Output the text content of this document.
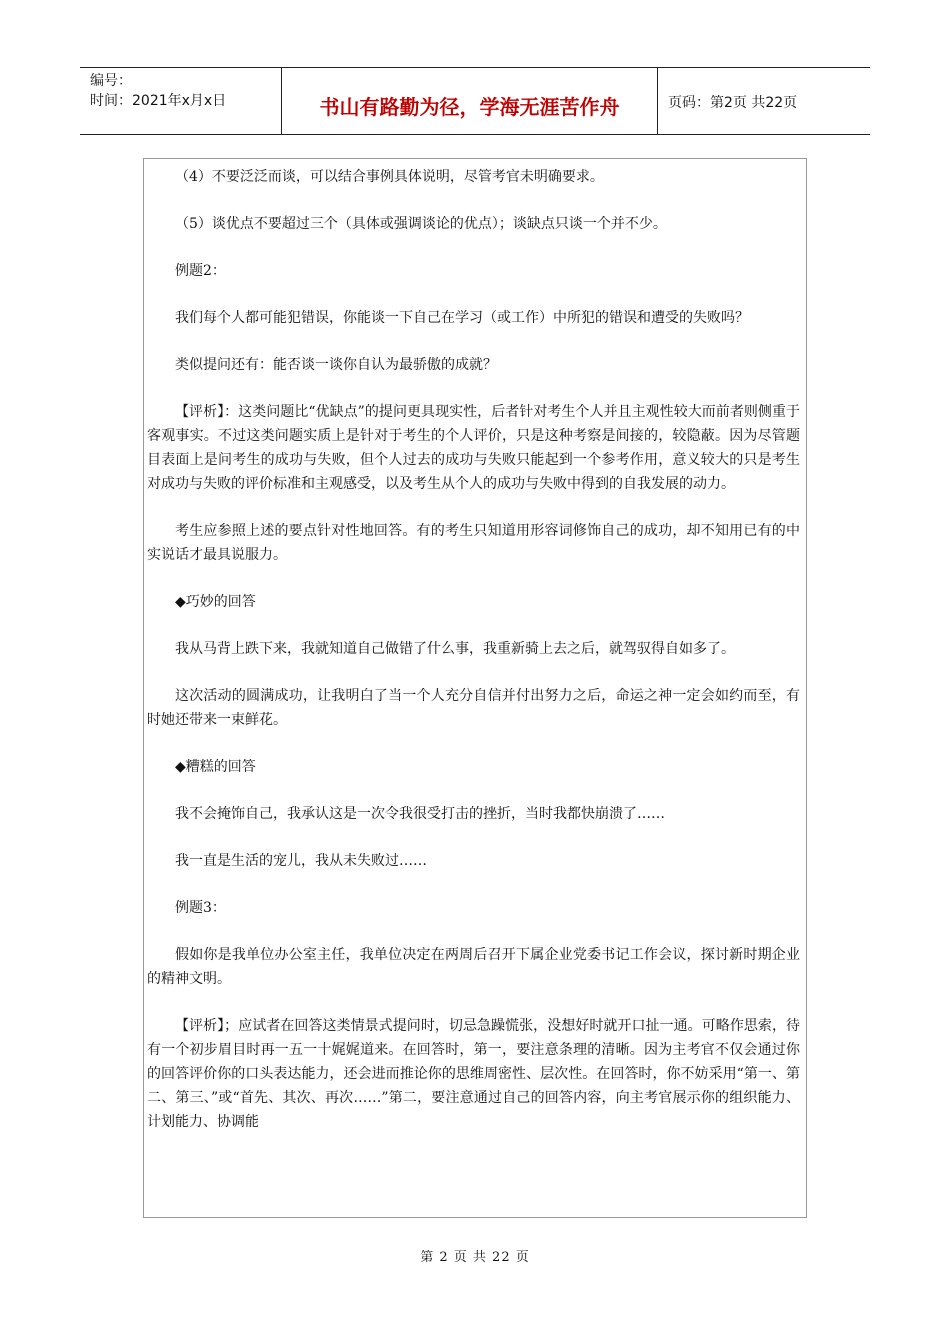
编号：
时间：2021年x月x日	书山有路勤为径，学海无涯苦作舟	页码：第2页 共22页

（4）不要泛泛而谈，可以结合事例具体说明，尽管考官未明确要求。

（5）谈优点不要超过三个（具体或强调谈论的优点）；谈缺点只谈一个并不少。

例题2：

我们每个人都可能犯错误，你能谈一下自己在学习（或工作）中所犯的错误和遭受的失败吗？

类似提问还有：能否谈一谈你自认为最骄傲的成就？

【评析】：这类问题比“优缺点”的提问更具现实性，后者针对考生个人并且主观性较大而前者则侧重于客观事实。不过这类问题实质上是针对于考生的个人评价，只是这种考察是间接的，较隐蔽。因为尽管题目表面上是问考生的成功与失败，但个人过去的成功与失败只能起到一个参考作用，意义较大的只是考生对成功与失败的评价标准和主观感受，以及考生从个人的成功与失败中得到的自我发展的动力。

考生应参照上述的要点针对性地回答。有的考生只知道用形容词修饰自己的成功，却不知用已有的中实说话才最具说服力。

◆巧妙的回答

我从马背上跌下来，我就知道自己做错了什么事，我重新骑上去之后，就驾驭得自如多了。

这次活动的圆满成功，让我明白了当一个人充分自信并付出努力之后，命运之神一定会如约而至，有时她还带来一束鲜花。

◆糟糕的回答

我不会掩饰自己，我承认这是一次令我很受打击的挫折，当时我都快崩溃了……

我一直是生活的宠儿，我从未失败过……

例题3：

假如你是我单位办公室主任，我单位决定在两周后召开下属企业党委书记工作会议，探讨新时期企业的精神文明。

【评析】；应试者在回答这类情景式提问时，切忌急躁慌张，没想好时就开口扯一通。可略作思索，待有一个初步眉目时再一五一十娓娓道来。在回答时，第一，要注意条理的清晰。因为主考官不仅会通过你的回答评价你的口头表达能力，还会进而推论你的思维周密性、层次性。在回答时，你不妨采用“第一、第二、第三、”或“首先、其次、再次……”第二，要注意通过自己的回答内容，向主考官展示你的组织能力、计划能力、协调能

第 2 页 共 22 页
